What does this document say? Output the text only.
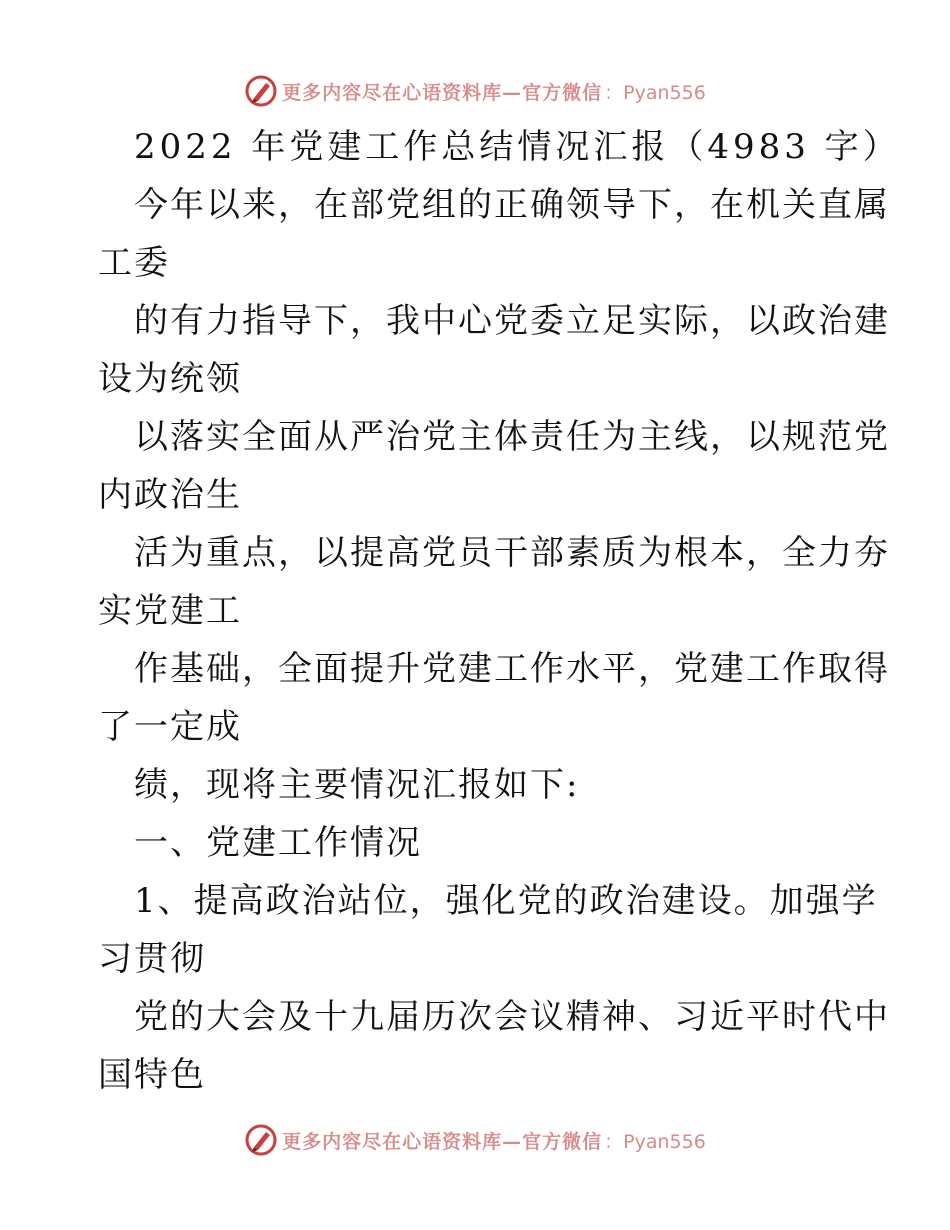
更多内容尽在心语资料库—官方微信 ：Pyan556
2022 年党建工作总结情况汇报（4983 字）
今年以来，在部党组的正确领导下，在机关直属
工委
的有力指导下，我中心党委立足实际，以政治建
设为统领
以落实全面从严治党主体责任为主线，以规范党
内政治生
活为重点，以提高党员干部素质为根本，全力夯
实党建工
作基础，全面提升党建工作水平，党建工作取得
了一定成
绩，现将主要情况汇报如下:
一、党建工作情况
1、提高政治站位，强化党的政治建设。加强学
习贯彻
党的大会及十九届历次会议精神、习近平时代中
国特色
更多内容尽在心语资料库—官方微信 ：Pyan556
